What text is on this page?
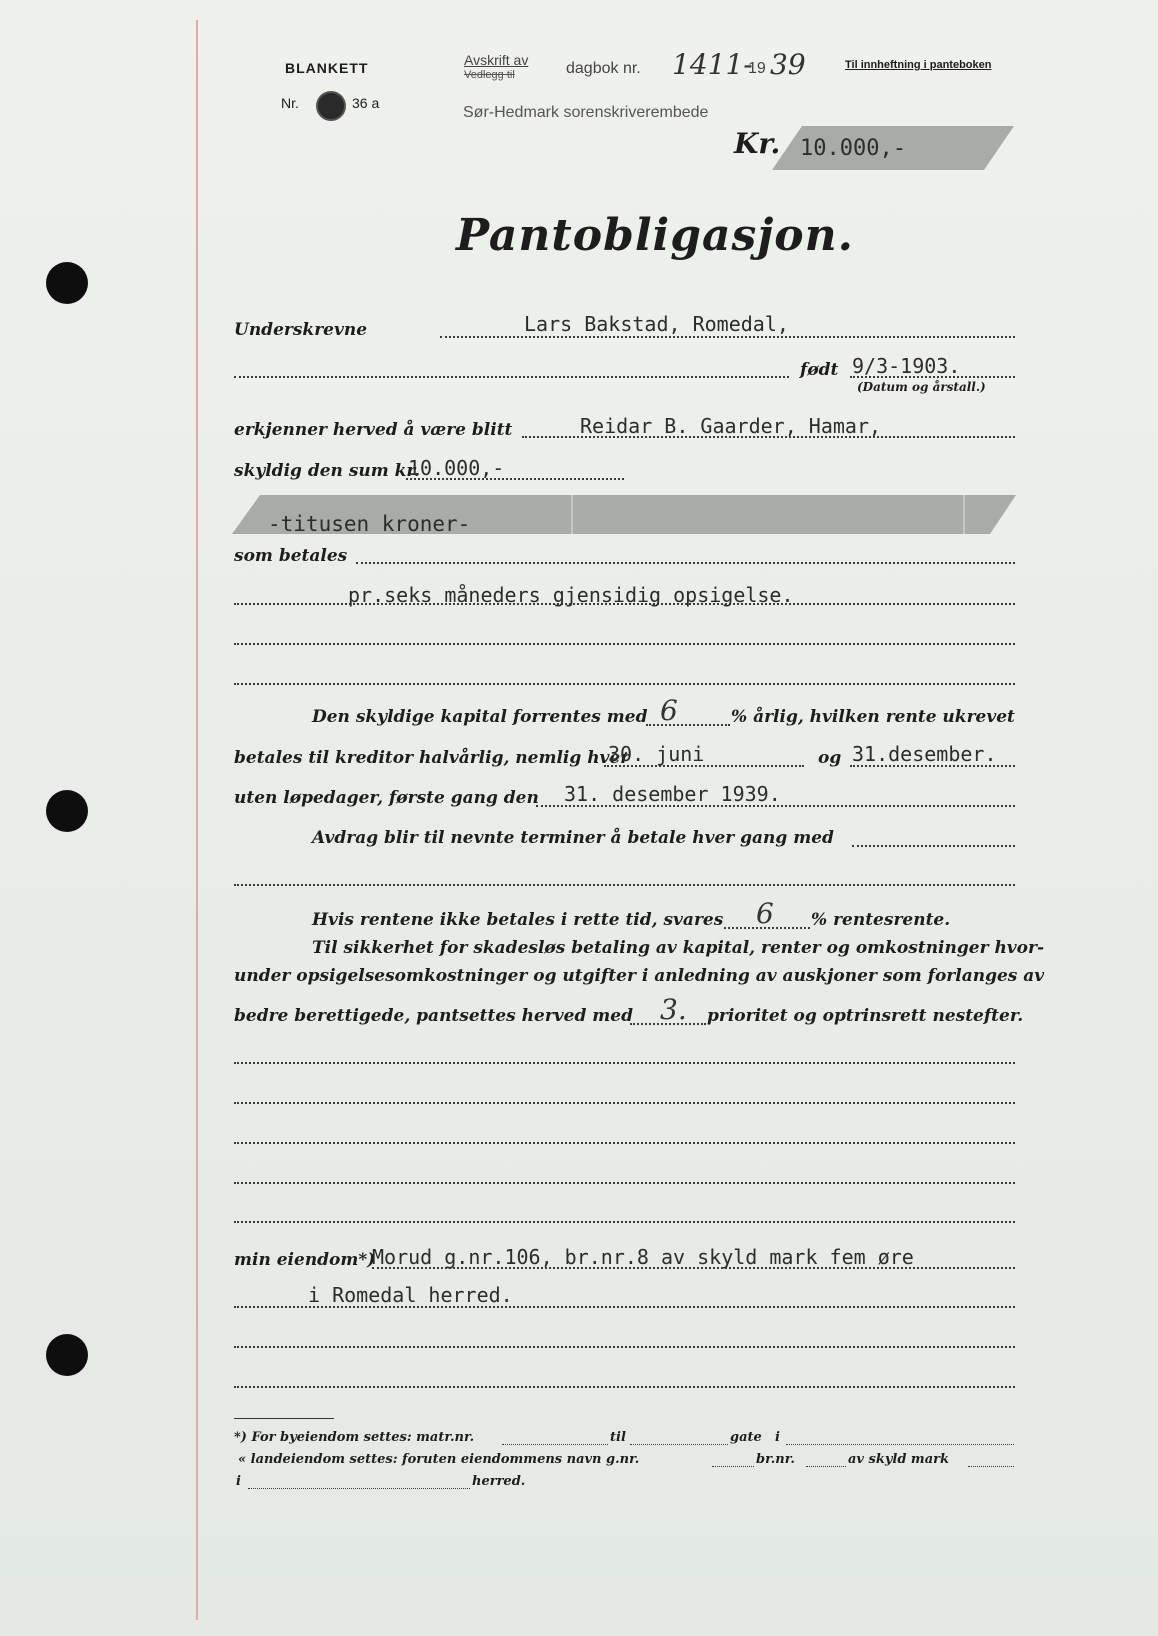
BLANKETT
Nr.	36 a
Avskrift av
Vedlegg til	dagbok nr. 1411-
19 39
Sør-Hedmark sorenskriverembede
Til innheftning i panteboken
Kr. 10.000,-
Pantobligasjon.
Underskrevne	Lars Bakstad, Romedal,
født 9/3-1903.
(Datum og årstall.)
erkjenner herved å være blitt	Reidar B. Gaarder, Hamar,
skyldig den sum kr.
10.000,-
-titusen kroner-
som betales
pr.seks måneders gjensidig opsigelse.
Den skyldige kapital forrentes med 6	% årlig, hvilken rente ukrevet
betales til kreditor halvårlig, nemlig hver
30. juni	og 31.desember.
uten løpedager, første gang den 31. desember 1939.
Avdrag blir til nevnte terminer å betale hver gang med
Hvis rentene ikke betales i rette tid, svares 6 % rentesrente.
Til sikkerhet for skadesløs betaling av kapital, renter og omkostninger hvor-
under opsigelsesomkostninger og utgifter i anledning av auskjoner som forlanges av
bedre berettigede, pantsettes herved med 3. prioritet og optrinsrett nestefter.
min eiendom*)
Morud g.nr.106, br.nr.8 av skyld mark fem øre
i Romedal herred.
*) For byeiendom settes: matr.nr.	til	gate i
« landeiendom settes: foruten eiendommens navn g.nr.	br.nr.	av skyld mark
i	herred.
